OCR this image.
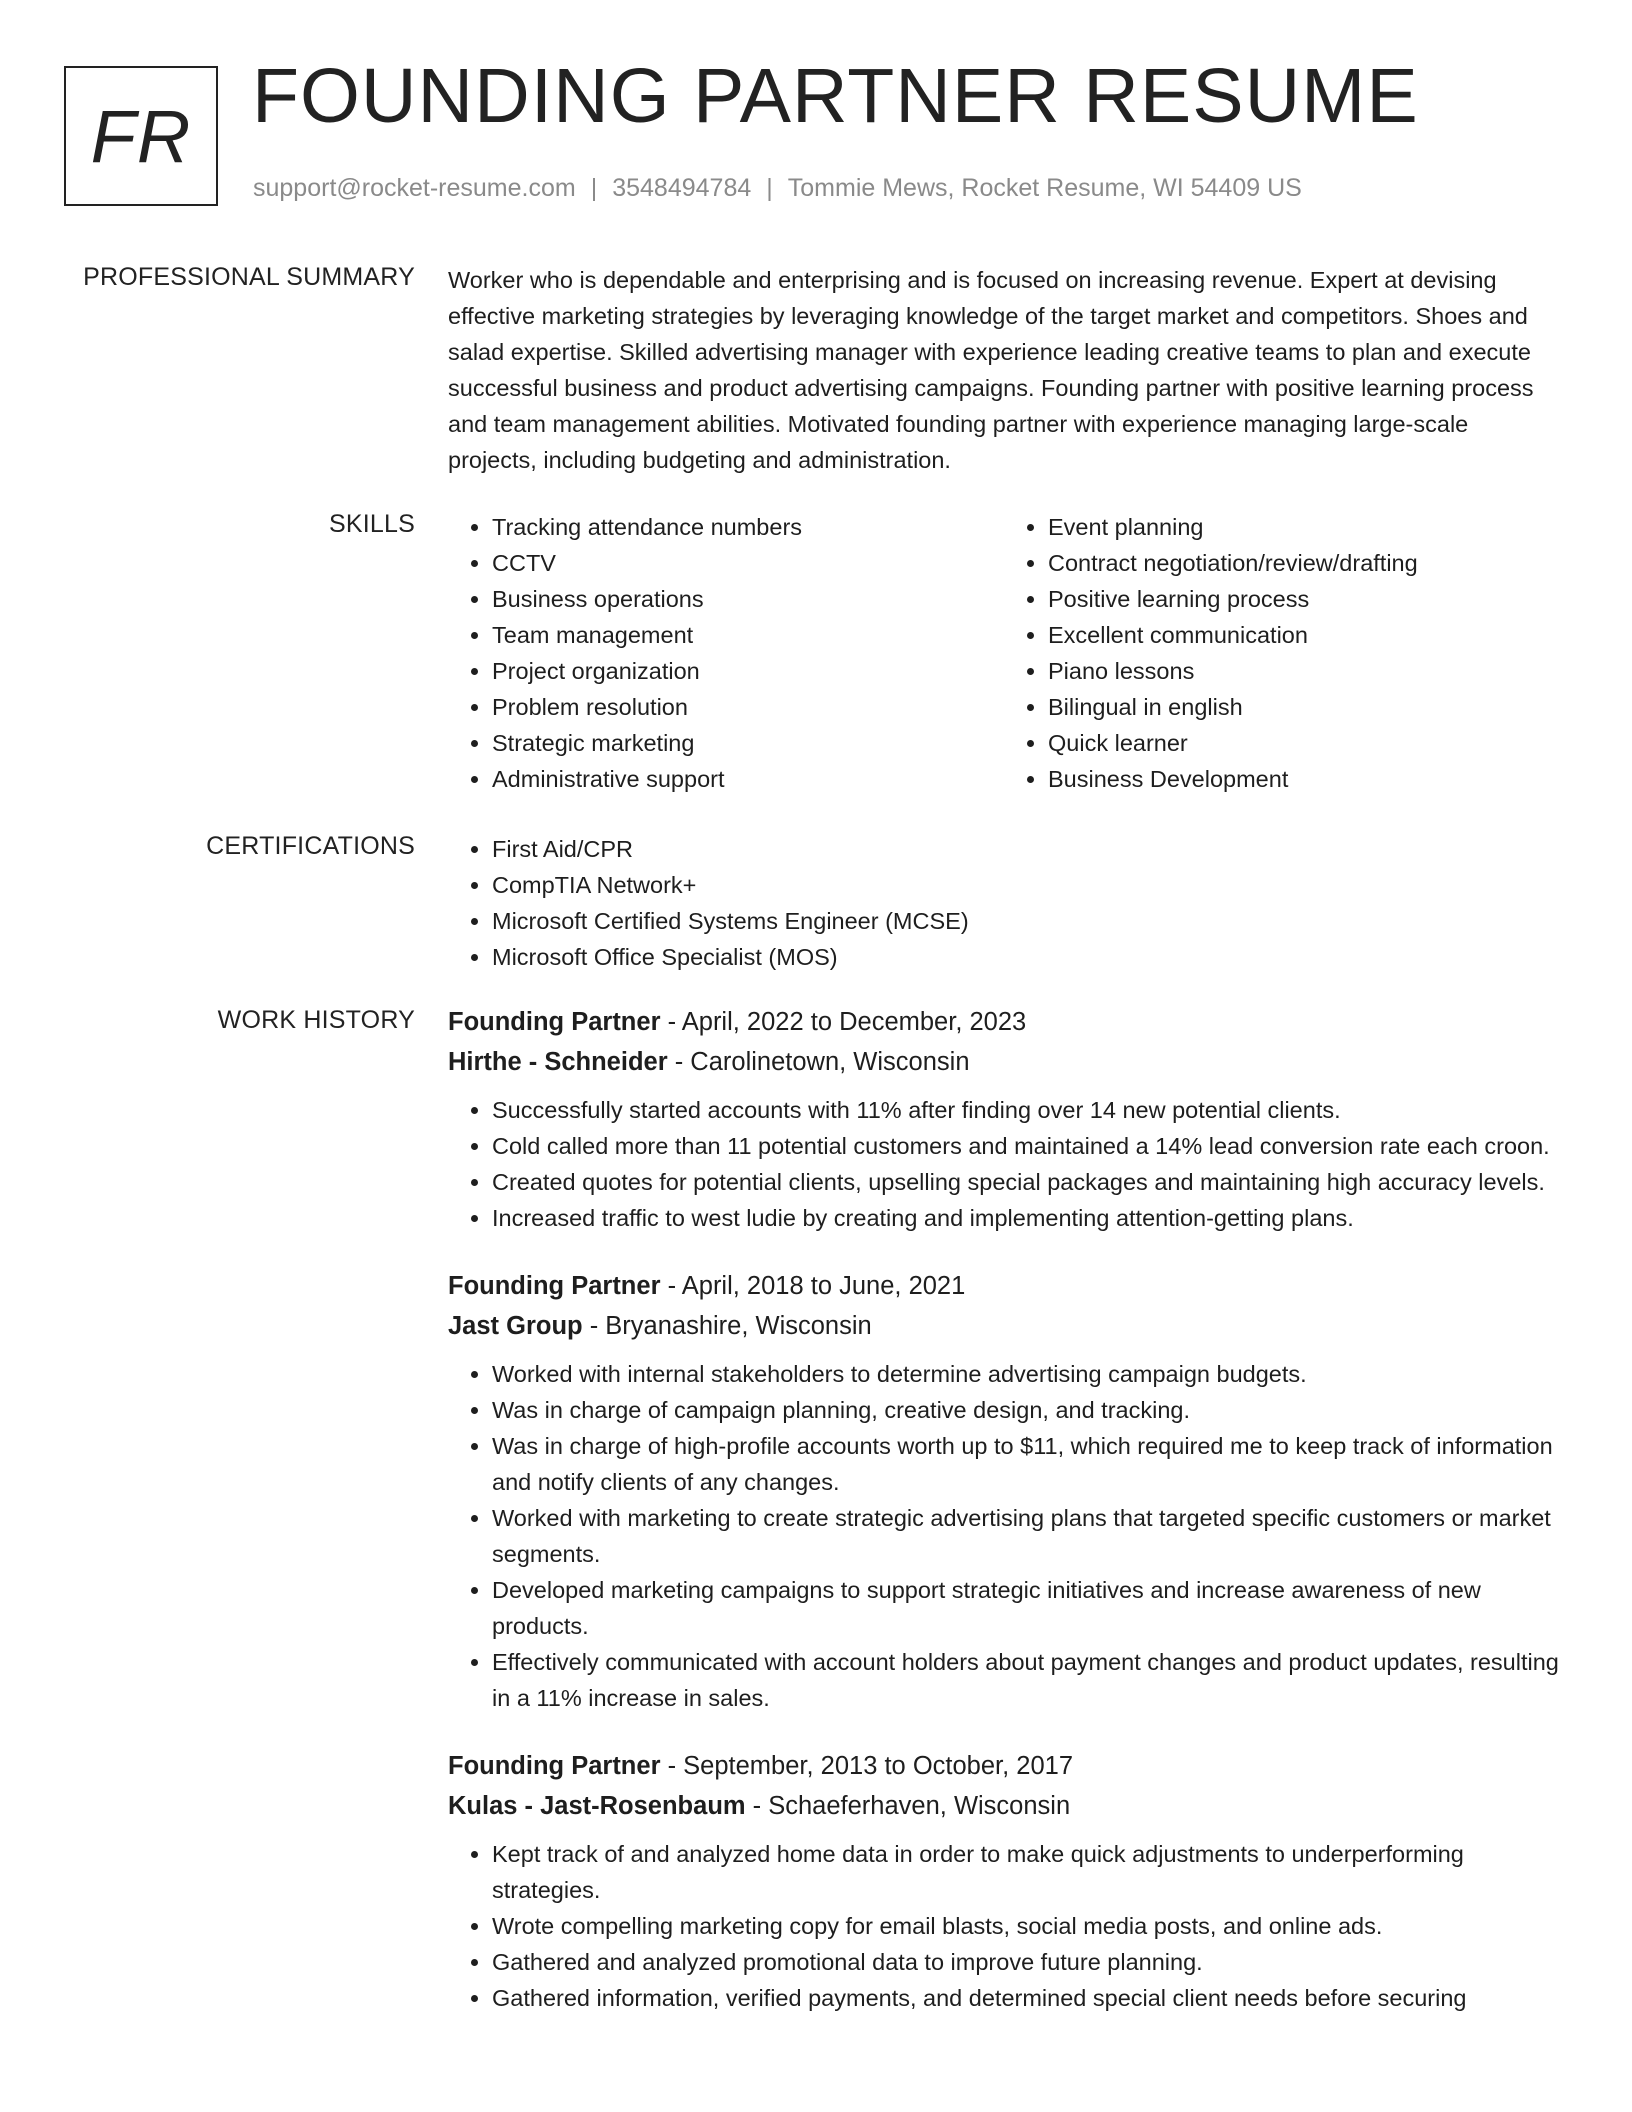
FR FOUNDING PARTNER RESUME
support@rocket-resume.com | 3548494784 | Tommie Mews, Rocket Resume, WI 54409 US
PROFESSIONAL SUMMARY Worker who is dependable and enterprising and is focused on increasing revenue. Expert at devising effective marketing strategies by leveraging knowledge of the target market and competitors. Shoes and salad expertise. Skilled advertising manager with experience leading creative teams to plan and execute successful business and product advertising campaigns. Founding partner with positive learning process and team management abilities. Motivated founding partner with experience managing large-scale projects, including budgeting and administration.

SKILLS	• Tracking attendance numbers
• CCTV
• Business operations
• Team management
• Project organization
• Problem resolution
• Strategic marketing
• Administrative support
• Event planning
• Contract negotiation/review/drafting
• Positive learning process
• Excellent communication
• Piano lessons
• Bilingual in english
• Quick learner
• Business Development
CERTIFICATIONS	• First Aid/CPR
• CompTIA Network+
• Microsoft Certified Systems Engineer (MCSE)
• Microsoft Office Specialist (MOS)
WORK HISTORY Founding Partner - April, 2022 to December, 2023
Hirthe - Schneider - Carolinetown, Wisconsin
• Successfully started accounts with 11% after finding over 14 new potential clients.
• Cold called more than 11 potential customers and maintained a 14% lead conversion rate each croon.
• Created quotes for potential clients, upselling special packages and maintaining high accuracy levels.
• Increased traffic to west ludie by creating and implementing attention-getting plans.
Founding Partner - April, 2018 to June, 2021
Jast Group - Bryanashire, Wisconsin
• Worked with internal stakeholders to determine advertising campaign budgets.
• Was in charge of campaign planning, creative design, and tracking.
• Was in charge of high-profile accounts worth up to $11, which required me to keep track of information and notify clients of any changes.
• Worked with marketing to create strategic advertising plans that targeted specific customers or market segments.
• Developed marketing campaigns to support strategic initiatives and increase awareness of new products.
• Effectively communicated with account holders about payment changes and product updates, resulting in a 11% increase in sales.
Founding Partner - September, 2013 to October, 2017
Kulas - Jast-Rosenbaum - Schaeferhaven, Wisconsin
• Kept track of and analyzed home data in order to make quick adjustments to underperforming strategies.
• Wrote compelling marketing copy for email blasts, social media posts, and online ads.
• Gathered and analyzed promotional data to improve future planning.
• Gathered information, verified payments, and determined special client needs before securing
